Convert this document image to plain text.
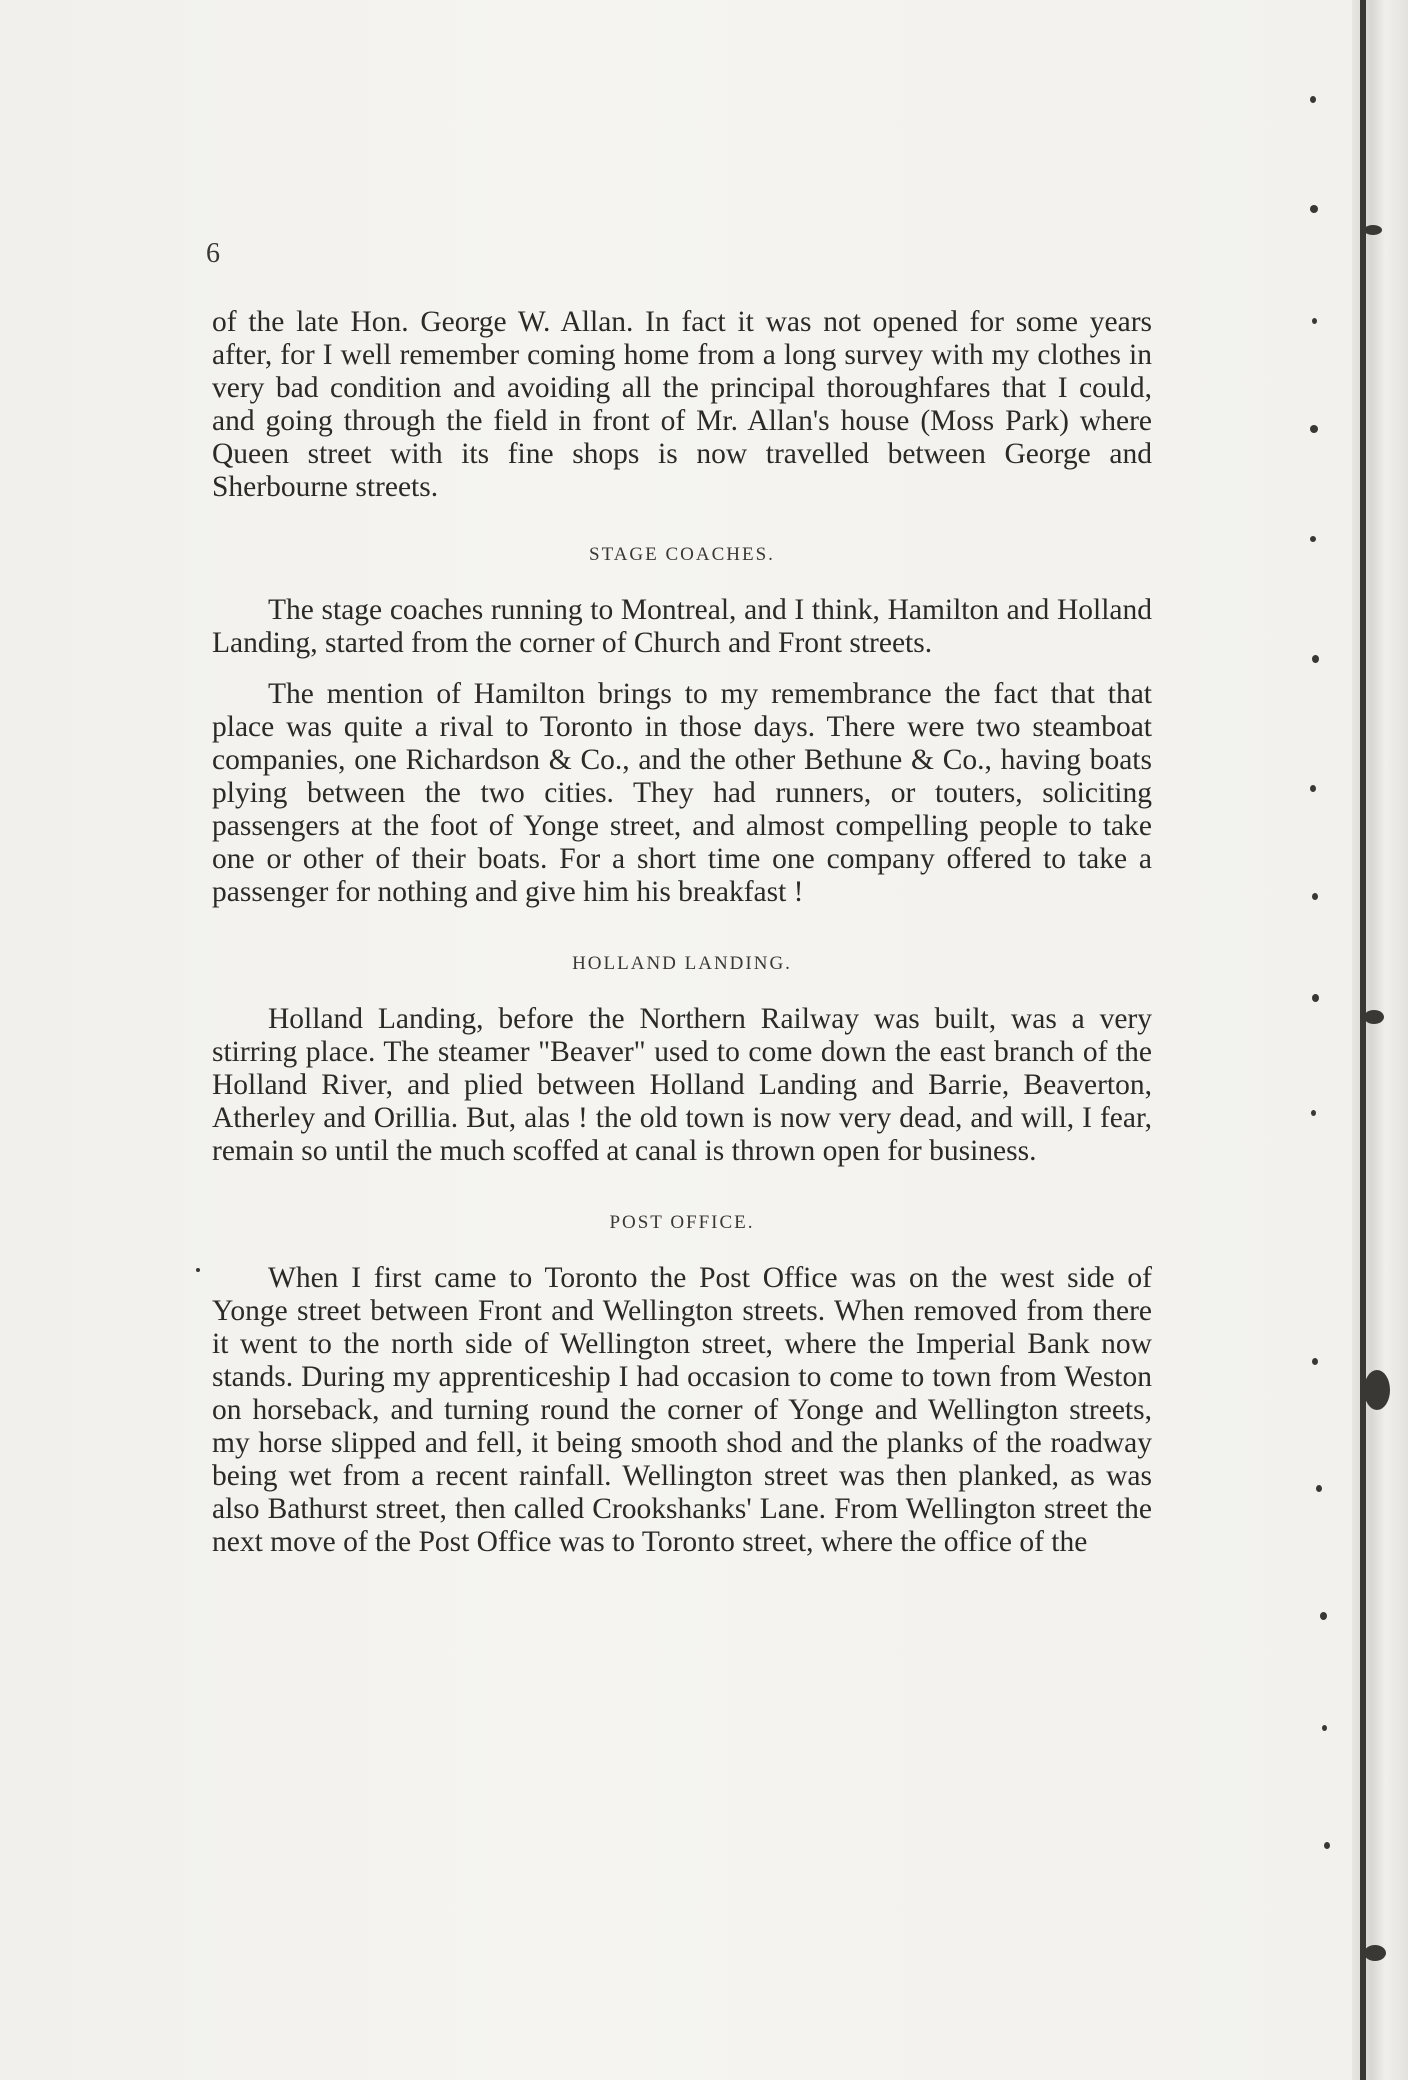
6

of the late Hon. George W. Allan. In fact it was not opened for some years after, for I well remember coming home from a long survey with my clothes in very bad condition and avoiding all the principal thoroughfares that I could, and going through the field in front of Mr. Allan's house (Moss Park) where Queen street with its fine shops is now travelled between George and Sherbourne streets.

STAGE COACHES.

The stage coaches running to Montreal, and I think, Hamilton and Holland Landing, started from the corner of Church and Front streets.

The mention of Hamilton brings to my remembrance the fact that that place was quite a rival to Toronto in those days. There were two steamboat companies, one Richardson & Co., and the other Bethune & Co., having boats plying between the two cities. They had runners, or touters, soliciting passengers at the foot of Yonge street, and almost compelling people to take one or other of their boats. For a short time one company offered to take a passenger for nothing and give him his breakfast !

HOLLAND LANDING.

Holland Landing, before the Northern Railway was built, was a very stirring place. The steamer "Beaver" used to come down the east branch of the Holland River, and plied between Holland Landing and Barrie, Beaverton, Atherley and Orillia. But, alas ! the old town is now very dead, and will, I fear, remain so until the much scoffed at canal is thrown open for business.

POST OFFICE.

When I first came to Toronto the Post Office was on the west side of Yonge street between Front and Wellington streets. When removed from there it went to the north side of Wellington street, where the Imperial Bank now stands. During my apprenticeship I had occasion to come to town from Weston on horseback, and turning round the corner of Yonge and Wellington streets, my horse slipped and fell, it being smooth shod and the planks of the roadway being wet from a recent rainfall. Wellington street was then planked, as was also Bathurst street, then called Crookshanks' Lane. From Wellington street the next move of the Post Office was to Toronto street, where the office of the
